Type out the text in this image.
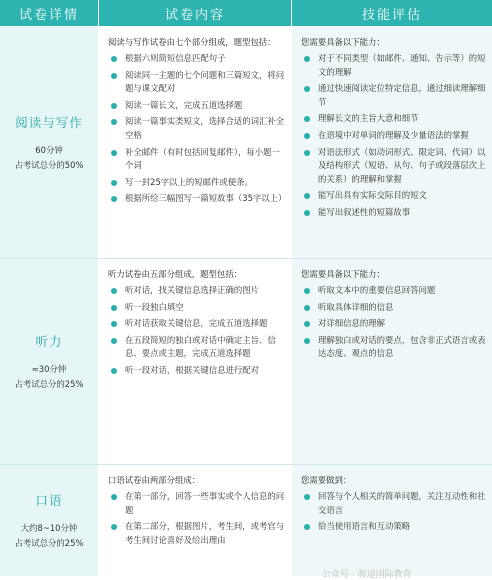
试卷详情	试卷内容	技能评估
阅读与写作
60分钟
占考试总分的50%
阅读与写作试卷由七个部分组成，题型包括：
根据六则简短信息匹配句子
阅读同一主题的七个问题和三篇短文，将问题与课文配对
阅读一篇长文，完成五道选择题
阅读一篇事实类短文，选择合适的词汇补全空格
补全邮件（有时包括回复邮件），每小题一个词
写一封25字以上的短邮件或便条。
根据所给三幅图写一篇短故事（35字以上）
您需要具备以下能力：
对于不同类型（如邮件、通知、告示等）的短文的理解
通过快速阅读定位特定信息，通过细读理解细节
理解长文的主旨大意和细节
在语境中对单词的理解及少量语法的掌握
对语法形式（如动词形式、限定词、代词）以及结构形式（短语、从句、句子或段落层次上的关系）的理解和掌握
能写出具有实际交际目的短文
能写出叙述性的短篇故事
听力
≈30分钟
占考试总分的25%
听力试卷由五部分组成，题型包括：
听对话，找关键信息选择正确的图片
听一段独白填空
听对话获取关键信息，完成五道选择题
在五段简短的独白或对话中确定主旨、信息、要点或主题，完成五道选择题
听一段对话，根据关键信息进行配对
您需要具备以下能力：
听取文本中的重要信息回答问题
听取具体详细的信息
对详细信息的理解
理解独白或对话的要点，包含非正式语言或表达态度、观点的信息
口语
大约8~10分钟
占考试总分的25%
口语试卷由两部分组成：
在第一部分，回答一些事实或个人信息的问题
在第二部分，根据图片，考生间，或考官与考生间讨论喜好及给出理由
您需要做到：
回答与个人相关的简单问题，关注互动性和社交语言
恰当使用语言和互动策略
公众号 · 骏途国际教育
